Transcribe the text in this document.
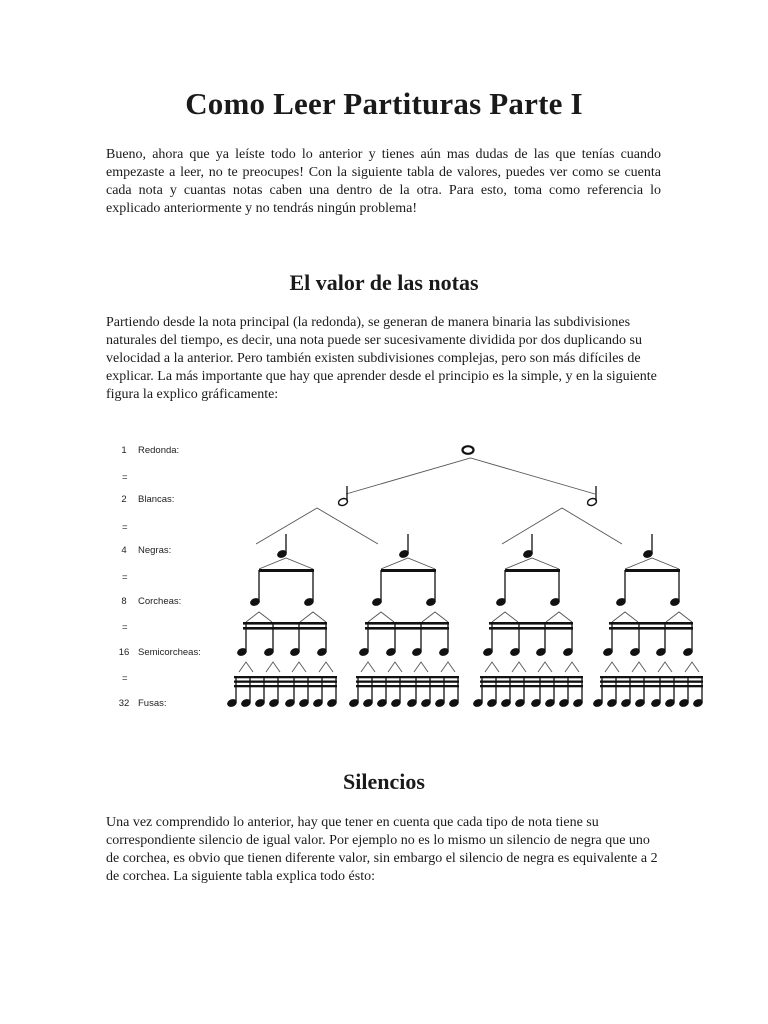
Como Leer Partituras Parte I

Bueno, ahora que ya leíste todo lo anterior y tienes aún mas dudas de las que tenías cuando empezaste a leer, no te preocupes! Con la siguiente tabla de valores, puedes ver como se cuenta cada nota y cuantas notas caben una dentro de la otra. Para esto, toma como referencia lo explicado anteriormente y no tendrás ningún problema!

El valor de las notas

Partiendo desde la nota principal (la redonda), se generan de manera binaria las subdivisiones naturales del tiempo, es decir, una nota puede ser sucesivamente dividida por dos duplicando su velocidad a la anterior. Pero también existen subdivisiones complejas, pero son más difíciles de explicar. La más importante que hay que aprender desde el principio es la simple, y en la siguiente figura la explico gráficamente:

1 Redonda:
2 Blancas:
4 Negras:
8 Corcheas:
16 Semicorcheas:
32 Fusas:
=
=
=
=
=
Silencios

Una vez comprendido lo anterior, hay que tener en cuenta que cada tipo de nota tiene su correspondiente silencio de igual valor. Por ejemplo no es lo mismo un silencio de negra que uno de corchea, es obvio que tienen diferente valor, sin embargo el silencio de negra es equivalente a 2 de corchea. La siguiente tabla explica todo ésto:
